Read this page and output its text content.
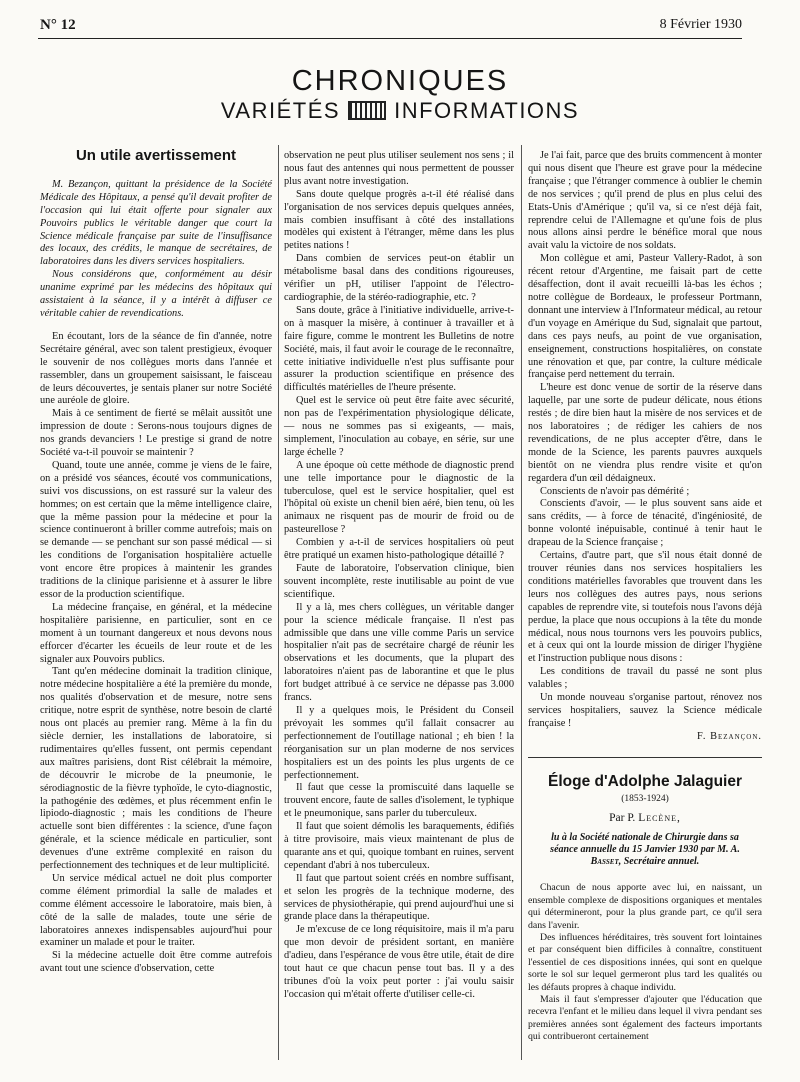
N° 12	8 Février 1930
CHRONIQUES
VARIÉTÉS INFORMATIONS
Un utile avertissement

M. Bezançon, quittant la présidence de la Société Médicale des Hôpitaux, a pensé qu'il devait profiter de l'occasion qui lui était offerte pour signaler aux Pouvoirs publics le véritable danger que court la Science médicale française par suite de l'insuffisance des locaux, des crédits, le manque de secrétaires, de laboratoires dans les divers services hospitaliers.

Nous considérons que, conformément au désir unanime exprimé par les médecins des hôpitaux qui assistaient à la séance, il y a intérêt à diffuser ce véritable cahier de revendications.

En écoutant, lors de la séance de fin d'année, notre Secrétaire général, avec son talent prestigieux, évoquer le souvenir de nos collègues morts dans l'année et rassembler, dans un groupement saisissant, le faisceau de leurs découvertes, je sentais planer sur notre Société une auréole de gloire.

Mais à ce sentiment de fierté se mêlait aussitôt une impression de doute : Serons-nous toujours dignes de nos grands devanciers ! Le prestige si grand de notre Société va-t-il pouvoir se maintenir ?

Quand, toute une année, comme je viens de le faire, on a présidé vos séances, écouté vos communications, suivi vos discussions, on est rassuré sur la valeur des hommes; on est certain que la même intelligence claire, que la même passion pour la médecine et pour la science continueront à briller comme autrefois; mais on se demande — se penchant sur son passé médical — si les conditions de l'organisation hospitalière actuelle vont encore être propices à maintenir les grandes traditions de la clinique parisienne et à assurer le libre essor de la production scientifique.

La médecine française, en général, et la médecine hospitalière parisienne, en particulier, sont en ce moment à un tournant dangereux et nous devons nous efforcer d'écarter les écueils de leur route et de les signaler aux Pouvoirs publics.

Tant qu'en médecine dominait la tradition clinique, notre médecine hospitalière a été la première du monde, nos qualités d'observation et de mesure, notre sens critique, notre esprit de synthèse, notre besoin de clarté nous ont placés au premier rang. Même à la fin du siècle dernier, les installations de laboratoire, si rudimentaires qu'elles fussent, ont permis cependant aux maîtres parisiens, dont Rist célébrait la mémoire, de découvrir le microbe de la pneumonie, le sérodiagnostic de la fièvre typhoïde, le cyto-diagnostic, la pathogénie des œdèmes, et plus récemment enfin le lipiodo-diagnostic ; mais les conditions de l'heure actuelle sont bien différentes : la science, d'une façon générale, et la science médicale en particulier, sont devenues d'une extrême complexité en raison du perfectionnement des techniques et de leur multiplicité.

Un service médical actuel ne doit plus comporter comme élément primordial la salle de malades et comme élément accessoire le laboratoire, mais bien, à côté de la salle de malades, toute une série de laboratoires annexes indispensables aujourd'hui pour examiner un malade et pour le traiter.

Si la médecine actuelle doit être comme autrefois avant tout une science d'observation, cette

observation ne peut plus utiliser seulement nos sens ; il nous faut des antennes qui nous permettent de pousser plus avant notre investigation.

Sans doute quelque progrès a-t-il été réalisé dans l'organisation de nos services depuis quelques années, mais combien insuffisant à côté des installations modèles qui existent à l'étranger, même dans les plus petites nations !

Dans combien de services peut-on établir un métabolisme basal dans des conditions rigoureuses, vérifier un pH, utiliser l'appoint de l'électro-cardiographie, de la stéréo-radiographie, etc. ?

Sans doute, grâce à l'initiative individuelle, arrive-t-on à masquer la misère, à continuer à travailler et à faire figure, comme le montrent les Bulletins de notre Société, mais, il faut avoir le courage de le reconnaître, cette initiative individuelle n'est plus suffisante pour assurer la production scientifique en présence des difficultés matérielles de l'heure présente.

Quel est le service où peut être faite avec sécurité, non pas de l'expérimentation physiologique délicate, — nous ne sommes pas si exigeants, — mais, simplement, l'inoculation au cobaye, en série, sur une large échelle ?

A une époque où cette méthode de diagnostic prend une telle importance pour le diagnostic de la tuberculose, quel est le service hospitalier, quel est l'hôpital où existe un chenil bien aéré, bien tenu, où les animaux ne risquent pas de mourir de froid ou de pasteurellose ?

Combien y a-t-il de services hospitaliers où peut être pratiqué un examen histo-pathologique détaillé ?

Faute de laboratoire, l'observation clinique, bien souvent incomplète, reste inutilisable au point de vue scientifique.

Il y a là, mes chers collègues, un véritable danger pour la science médicale française. Il n'est pas admissible que dans une ville comme Paris un service hospitalier n'ait pas de secrétaire chargé de réunir les observations et les documents, que la plupart des laboratoires n'aient pas de laborantine et que le plus fort budget attribué à ce service ne dépasse pas 3.000 francs.

Il y a quelques mois, le Président du Conseil prévoyait les sommes qu'il fallait consacrer au perfectionnement de l'outillage national ; eh bien ! la réorganisation sur un plan moderne de nos services hospitaliers est un des points les plus urgents de ce perfectionnement.

Il faut que cesse la promiscuité dans laquelle se trouvent encore, faute de salles d'isolement, le typhique et le pneumonique, sans parler du tuberculeux.

Il faut que soient démolis les baraquements, édifiés à titre provisoire, mais vieux maintenant de plus de quarante ans et qui, quoique tombant en ruines, servent cependant d'abri à nos tuberculeux.

Il faut que partout soient créés en nombre suffisant, et selon les progrès de la technique moderne, des services de physiothérapie, qui prend aujourd'hui une si grande place dans la thérapeutique.

Je m'excuse de ce long réquisitoire, mais il m'a paru que mon devoir de président sortant, en manière d'adieu, dans l'espérance de vous être utile, était de dire tout haut ce que chacun pense tout bas. Il y a des tribunes d'où la voix peut porter : j'ai voulu saisir l'occasion qui m'était offerte d'utiliser celle-ci.

Je l'ai fait, parce que des bruits commencent à monter qui nous disent que l'heure est grave pour la médecine française ; que l'étranger commence à oublier le chemin de nos services ; qu'il prend de plus en plus celui des Etats-Unis d'Amérique ; qu'il va, si ce n'est déjà fait, reprendre celui de l'Allemagne et qu'une fois de plus nous allons ainsi perdre le bénéfice moral que nous avait valu la victoire de nos soldats.

Mon collègue et ami, Pasteur Vallery-Radot, à son récent retour d'Argentine, me faisait part de cette désaffection, dont il avait recueilli là-bas les échos ; notre collègue de Bordeaux, le professeur Portmann, donnant une interview à l'Informateur médical, au retour d'un voyage en Amérique du Sud, signalait que partout, dans ces pays neufs, au point de vue organisation, enseignement, constructions hospitalières, on constate une rénovation et que, par contre, la culture médicale française perd nettement du terrain.

L'heure est donc venue de sortir de la réserve dans laquelle, par une sorte de pudeur délicate, nous étions restés ; de dire bien haut la misère de nos services et de nos laboratoires ; de rédiger les cahiers de nos revendications, de ne plus accepter d'être, dans le monde de la Science, les parents pauvres auxquels bientôt on ne viendra plus rendre visite et qu'on regardera d'un œil dédaigneux.

Conscients de n'avoir pas démérité ;

Conscients d'avoir, — le plus souvent sans aide et sans crédits, — à force de ténacité, d'ingéniosité, de bonne volonté inépuisable, continué à tenir haut le drapeau de la Science française ;

Certains, d'autre part, que s'il nous était donné de trouver réunies dans nos services hospitaliers les conditions matérielles favorables que trouvent dans les leurs nos collègues des autres pays, nous serions capables de reprendre vite, si toutefois nous l'avons déjà perdue, la place que nous occupions à la tête du monde médical, nous nous tournons vers les pouvoirs publics, et à ceux qui ont la lourde mission de diriger l'hygiène et l'instruction publique nous disons :

Les conditions de travail du passé ne sont plus valables ;

Un monde nouveau s'organise partout, rénovez nos services hospitaliers, sauvez la Science médicale française !

F. Bezançon.
Éloge d'Adolphe Jalaguier
(1853-1924)
Par P. Lecène,
lu à la Société nationale de Chirurgie dans sa séance annuelle du 15 Janvier 1930 par M. A. Basset, Secrétaire annuel.

Chacun de nous apporte avec lui, en naissant, un ensemble complexe de dispositions organiques et mentales qui détermineront, pour la plus grande part, ce qu'il sera dans l'avenir.

Des influences héréditaires, très souvent fort lointaines et par conséquent bien difficiles à connaître, constituent l'essentiel de ces dispositions innées, qui sont en quelque sorte le sol sur lequel germeront plus tard les qualités ou les défauts propres à chaque individu.

Mais il faut s'empresser d'ajouter que l'éducation que recevra l'enfant et le milieu dans lequel il vivra pendant ses premières années sont également des facteurs importants qui contribueront certainement
